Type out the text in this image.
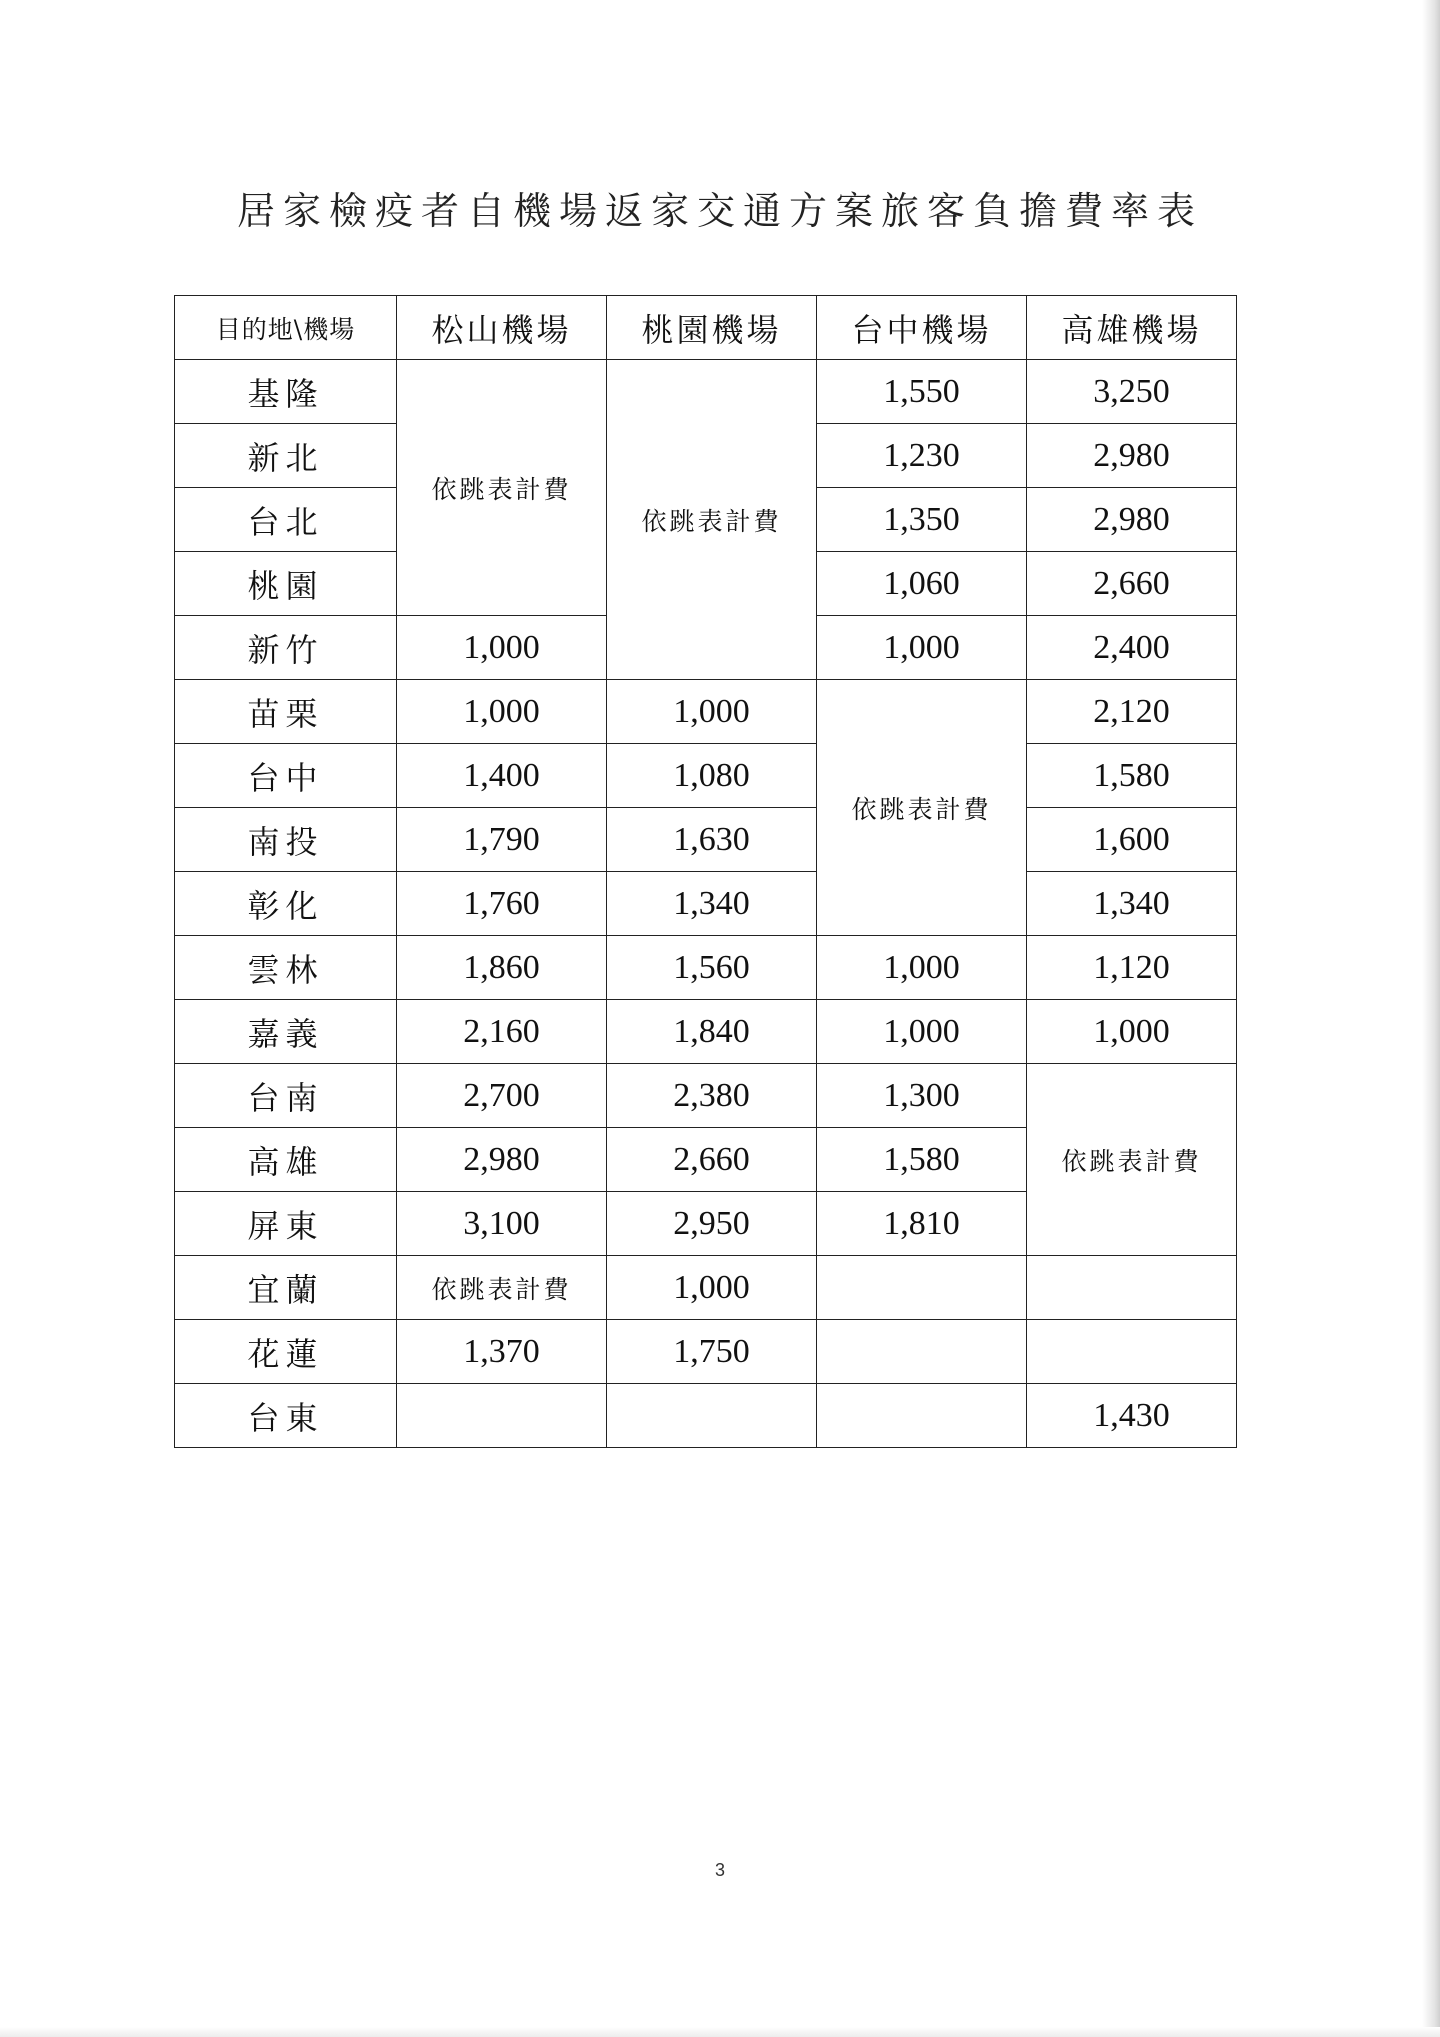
居家檢疫者自機場返家交通方案旅客負擔費率表
目的地\機場	松山機場	桃園機場	台中機場	高雄機場
基隆	依跳表計費	依跳表計費	1,550	3,250
新北			1,230	2,980
台北			1,350	2,980
桃園			1,060	2,660
新竹	1,000		1,000	2,400
苗栗	1,000	1,000	依跳表計費	2,120
台中	1,400	1,080		1,580
南投	1,790	1,630		1,600
彰化	1,760	1,340		1,340
雲林	1,860	1,560	1,000	1,120
嘉義	2,160	1,840	1,000	1,000
台南	2,700	2,380	1,300	依跳表計費
高雄	2,980	2,660	1,580	
屏東	3,100	2,950	1,810	
宜蘭	依跳表計費	1,000		
花蓮	1,370	1,750		
台東				1,430
3
